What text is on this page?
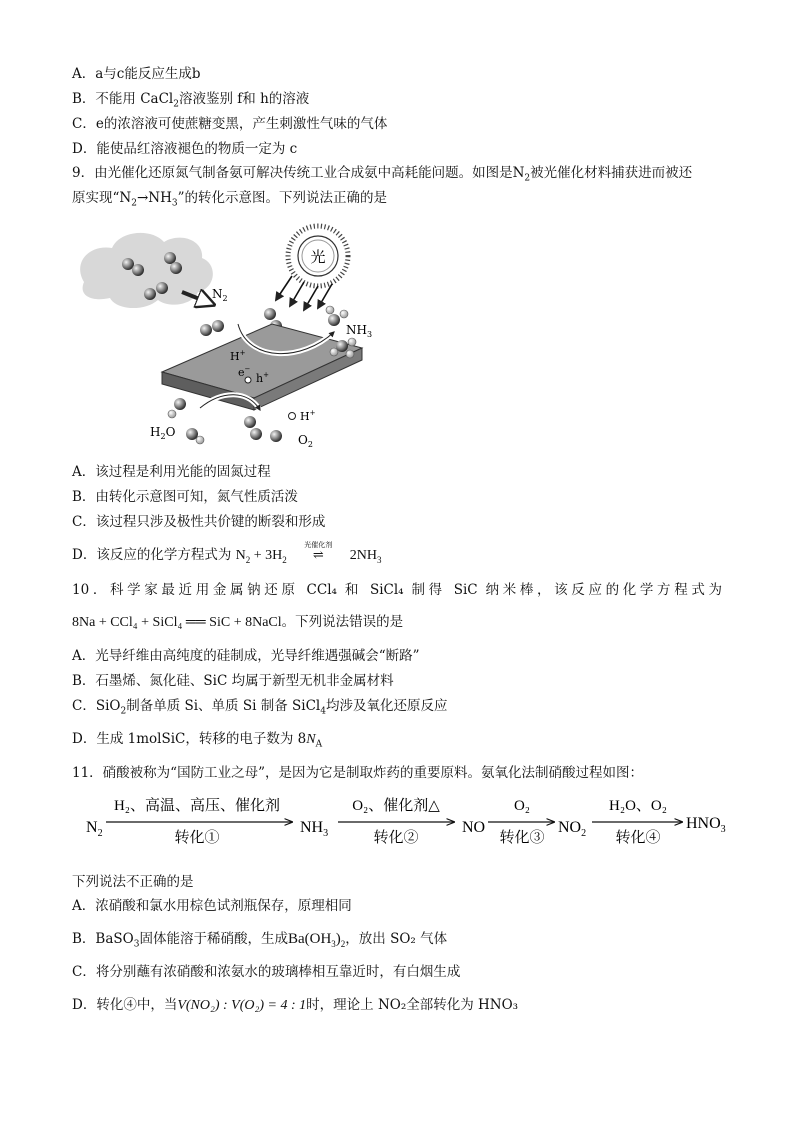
A．a与c能反应生成b
B．不能用 CaCl$_2$溶液鉴别 f和 h的溶液
C．e的浓溶液可使蔗糖变黑，产生刺激性气味的气体
D．能使品红溶液褪色的物质一定为 c
9．由光催化还原氮气制备氨可解决传统工业合成氨中高耗能问题。如图是$N_2$被光催化材料捕获进而被还
原实现“$N_2\to NH_3$”的转化示意图。下列说法正确的是
光
$N_2$
$NH_3$
H+
e−
h+
$H_2O$
H+
$O_2$
A．该过程是利用光能的固氮过程
B．由转化示意图可知，氮气性质活泼
C．该过程只涉及极性共价键的断裂和形成
D．该反应的化学方程式为 $N_2 + 3H_2$
光催化剂
⇌ $2NH_3$
10．科学家最近用金属钠还原 CCl₄ 和 SiCl₄ 制得 SiC 纳米棒，该反应的化学方程式为
8Na + CCl₄ + SiCl₄ ══ SiC + 8NaCl。下列说法错误的是
A．光导纤维由高纯度的硅制成，光导纤维遇强碱会“断路”
B．石墨烯、氮化硅、SiC 均属于新型无机非金属材料
C．SiO$_2$制备单质 Si、单质 Si 制备 SiCl$_4$均涉及氧化还原反应
D．生成 1molSiC，转移的电子数为 $8N_A$
11．硝酸被称为“国防工业之母”，是因为它是制取炸药的重要原料。氨氧化法制硝酸过程如图：
$N_2$
H₂、高温、高压、催化剂
转化①
$NH_3$
O₂、催化剂△
转化②
NO
O₂
转化③
$NO_2$
H₂O、O₂
转化④
$HNO_3$
下列说法不正确的是
A．浓硝酸和氯水用棕色试剂瓶保存，原理相同
B．BaSO$_3$固体能溶于稀硝酸，生成$Ba(OH_3)_2$，放出 SO₂ 气体
C．将分别蘸有浓硝酸和浓氨水的玻璃棒相互靠近时，有白烟生成
D．转化④中，当V(NO₂) : V(O₂) = 4 : 1时，理论上 NO₂全部转化为 HNO₃
